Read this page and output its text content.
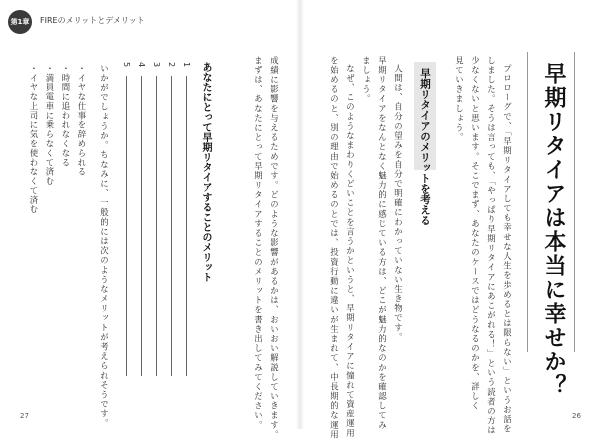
第1章	FIREのメリットとデメリット
早期リタイアは本当に幸せか？
プロローグで、「早期リタイアしても幸せな人生を歩めるとは限らない」というお話を
しました。そうは言っても、「やっぱり早期リタイアにあこがれる！」という読者の方は
少なくないと思います。そこでまず、あなたのケースではどうなるのかを、詳しく
見ていきましょう。
早期リタイアのメリットを考える
人間は、自分の望みを自分で明確にわかっていない生き物です。
早期リタイアをなんとなく魅力的に感じている方は、どこが魅力的なのかを確認してみ
ましょう。
なぜ、このようなまわりくどいことを言うかというと、早期リタイアに憧れて資産運用
を始めるのと、別の理由で始めるのとでは、投資行動に違いが生まれて、中長期的な運用
成績に影響を与えるためです。どのような影響があるかは、おいおい解説していきます。
まずは、あなたにとって早期リタイアすることのメリットを書き出してみてください。	26
あなたにとって早期リタイアすることのメリット
1
2
3
4
5
いかがでしょうか。ちなみに、一般的には次のようなメリットが考えられそうです。
・イヤな仕事を辞められる
・時間に追われなくなる
・満員電車に乗らなくて済む
・イヤな上司に気を使わなくて済む
27
